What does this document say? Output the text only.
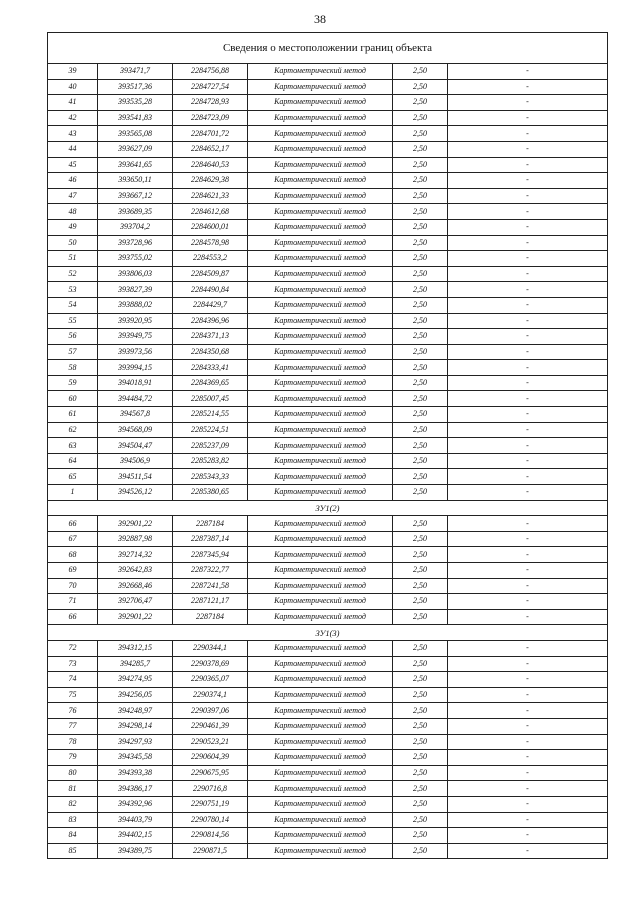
38
Сведения о местоположении границ объекта					
39	393471,7	2284756,88	Картометрический метод	2,50	-
40	393517,36	2284727,54	Картометрический метод	2,50	-
41	393535,28	2284728,93	Картометрический метод	2,50	-
42	393541,83	2284723,09	Картометрический метод	2,50	-
43	393565,08	2284701,72	Картометрический метод	2,50	-
44	393627,09	2284652,17	Картометрический метод	2,50	-
45	393641,65	2284640,53	Картометрический метод	2,50	-
46	393650,11	2284629,38	Картометрический метод	2,50	-
47	393667,12	2284621,33	Картометрический метод	2,50	-
48	393689,35	2284612,68	Картометрический метод	2,50	-
49	393704,2	2284600,01	Картометрический метод	2,50	-
50	393728,96	2284578,98	Картометрический метод	2,50	-
51	393755,02	2284553,2	Картометрический метод	2,50	-
52	393806,03	2284509,87	Картометрический метод	2,50	-
53	393827,39	2284490,84	Картометрический метод	2,50	-
54	393888,02	2284429,7	Картометрический метод	2,50	-
55	393920,95	2284396,96	Картометрический метод	2,50	-
56	393949,75	2284371,13	Картометрический метод	2,50	-
57	393973,56	2284350,68	Картометрический метод	2,50	-
58	393994,15	2284333,41	Картометрический метод	2,50	-
59	394018,91	2284369,65	Картометрический метод	2,50	-
60	394484,72	2285007,45	Картометрический метод	2,50	-
61	394567,8	2285214,55	Картометрический метод	2,50	-
62	394568,09	2285224,51	Картометрический метод	2,50	-
63	394504,47	2285237,09	Картометрический метод	2,50	-
64	394506,9	2285283,82	Картометрический метод	2,50	-
65	394511,54	2285343,33	Картометрический метод	2,50	-
1	394526,12	2285380,65	Картометрический метод	2,50	-
ЗУ1(2)					
66	392901,22	2287184	Картометрический метод	2,50	-
67	392887,98	2287387,14	Картометрический метод	2,50	-
68	392714,32	2287345,94	Картометрический метод	2,50	-
69	392642,83	2287322,77	Картометрический метод	2,50	-
70	392668,46	2287241,58	Картометрический метод	2,50	-
71	392706,47	2287121,17	Картометрический метод	2,50	-
66	392901,22	2287184	Картометрический метод	2,50	-
ЗУ1(3)					
72	394312,15	2290344,1	Картометрический метод	2,50	-
73	394285,7	2290378,69	Картометрический метод	2,50	-
74	394274,95	2290365,07	Картометрический метод	2,50	-
75	394256,05	2290374,1	Картометрический метод	2,50	-
76	394248,97	2290397,06	Картометрический метод	2,50	-
77	394298,14	2290461,39	Картометрический метод	2,50	-
78	394297,93	2290523,21	Картометрический метод	2,50	-
79	394345,58	2290604,39	Картометрический метод	2,50	-
80	394393,38	2290675,95	Картометрический метод	2,50	-
81	394386,17	2290716,8	Картометрический метод	2,50	-
82	394392,96	2290751,19	Картометрический метод	2,50	-
83	394403,79	2290780,14	Картометрический метод	2,50	-
84	394402,15	2290814,56	Картометрический метод	2,50	-
85	394389,75	2290871,5	Картометрический метод	2,50	-
